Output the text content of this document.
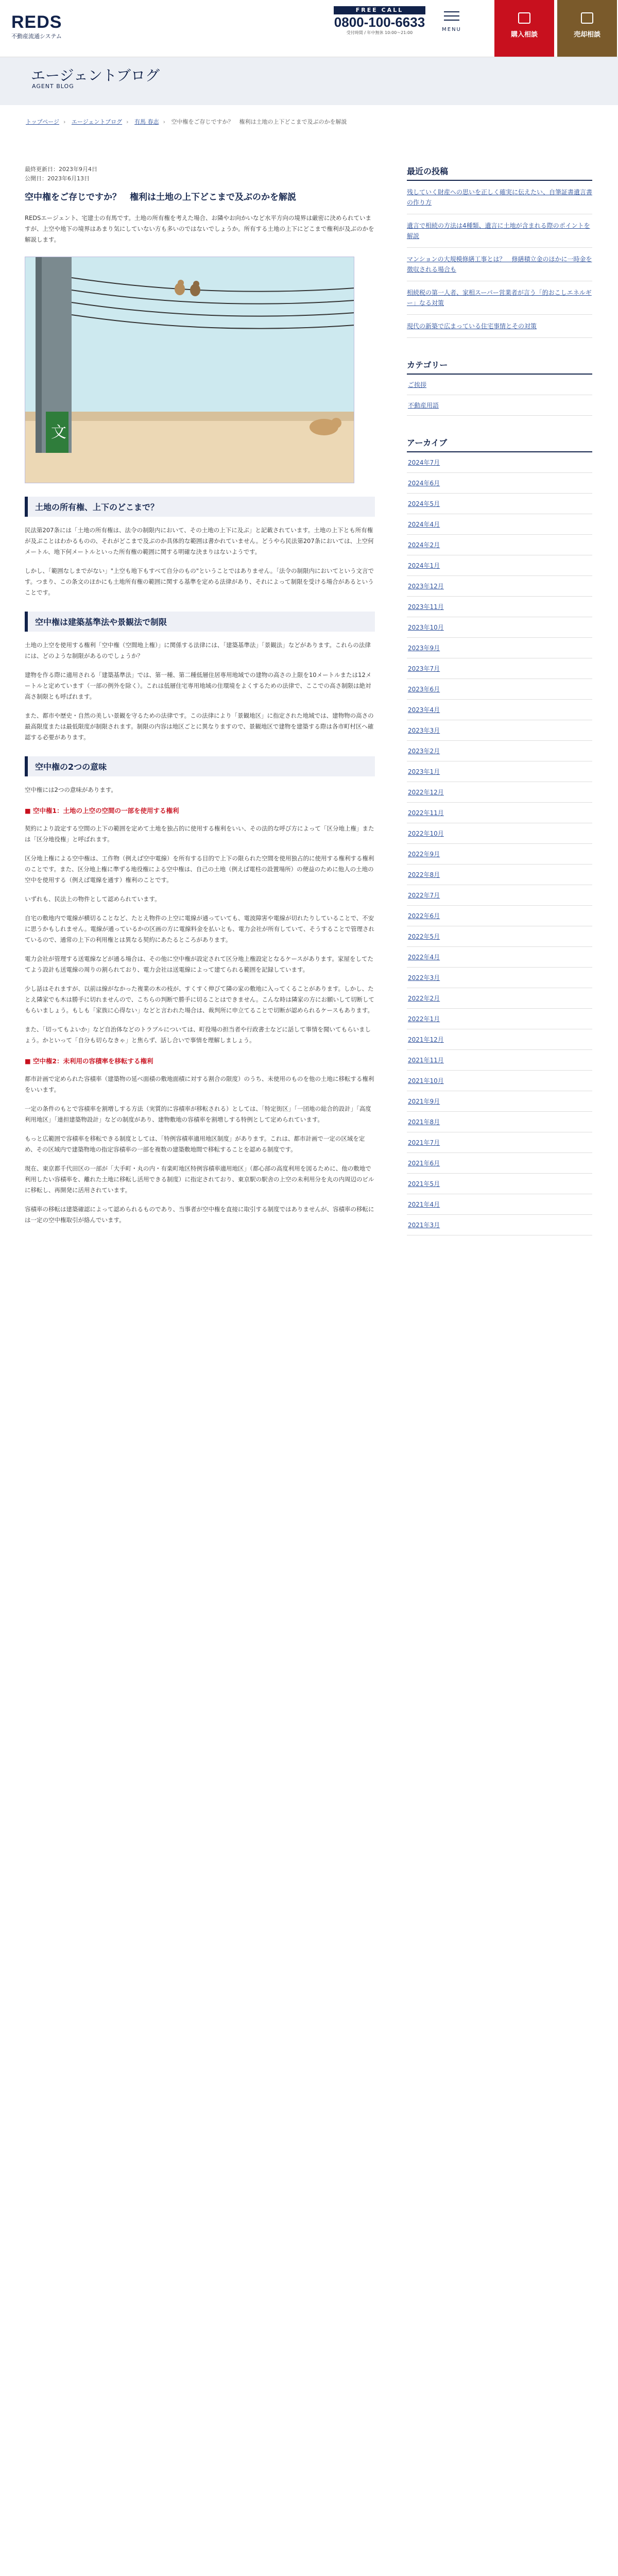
REDS
不動産流通システム
FREE CALL
0800-100-6633
受付時間 / 年中無休 10:00〜21:00
MENU
購入相談	売却相談
エージェントブログ
AGENT BLOG
トップページ › エージェントブログ › 有馬 春志 › 空中権をご存じですか？　権利は土地の上下どこまで及ぶのかを解説
最終更新日：2023年9月4日
公開日：2023年6月13日
空中権をご存じですか？　権利は土地の上下どこまで及ぶのかを解説
REDSエージェント、宅建士の有馬です。土地の所有権を考えた場合、お隣やお向かいなど水平方向の境界は厳密に決められていますが、上空や地下の境界はあまり気にしていない方も多いのではないでしょうか。所有する土地の上下にどこまで権利が及ぶのかを解説します。
文
土地の所有権、上下のどこまで？
民法第207条には「土地の所有権は、法令の制限内において、その土地の上下に及ぶ」と記載されています。土地の上下とも所有権が及ぶことはわかるものの、それがどこまで及ぶのか具体的な範囲は書かれていません。どうやら民法第207条においては、上空何メートル、地下何メートルといった所有権の範囲に関する明確な決まりはないようです。
しかし、「範囲なしまでがない」"上空も地下もすべて自分のもの"ということではありません。「法令の制限内においてという文言です。つまり、この条文のほかにも土地所有権の範囲に関する基準を定める法律があり、それによって制限を受ける場合があるということです。
空中権は建築基準法や景観法で制限
土地の上空を使用する権利「空中権（空間地上権）」に関係する法律には、「建築基準法」「景観法」などがあります。これらの法律には、どのような制限があるのでしょうか？
建物を作る際に適用される「建築基準法」では、第一種、第二種低層住居専用地域での建物の高さの上限を10メートルまたは12メートルと定めています（一部の例外を除く）。これは低層住宅専用地域の住環境をよくするための法律で、ここでの高さ制限は絶対高さ制限とも呼ばれます。
また、都市や歴史・自然の美しい景観を守るための法律です。この法律により「景観地区」に指定された地域では、建物物の高さの最高限度または最低限度が制限されます。制限の内容は地区ごとに異なりますので、景観地区で建物を建築する際は各市町村区へ確認する必要があります。
空中権の2つの意味
空中権には2つの意味があります。
■ 空中権1：土地の上空の空間の一部を使用する権利
契約により設定する空間の上下の範囲を定めて土地を独占的に使用する権利をいい、その法的な呼び方によって「区分地上権」または「区分地役権」と呼ばれます。
区分地上権による空中権は、工作物（例えば空中電線）を所有する目的で上下の限られた空間を使用独占的に使用する権利する権利のことです。また、区分地上権に準ずる地役権による空中権は、自己の土地（例えば電柱の設置場所）の便益のために他人の土地の空中を使用する（例えば電線を通す）権利のことです。
いずれも、民法上の物件として認められています。
自宅の敷地内で電線が横切ることなど、たとえ物件の上空に電線が通っていても、電波障害や電線が切れたりしていることで、不安に思うかもしれません。電線が通っているかの区画の方に電線料金を払いとも、電力会社が所有していて、そうすることで管理されているので、通常の上下の利用権とは異なる契約にあたるところがあります。
電力会社が管理する送電線などが通る場合は、その他に空中権が設定されて区分地上権設定となるケースがあります。家屋をしてたてよう設計も送電線の周りの割られており、電力会社は送電線によって建てられる範囲を記録しています。
少し話はそれますが、以前は線がなかった複業の木の枝が、すくすく伸びて隣の家の敷地に入ってくることがあります。しかし、たとえ隣家でも木は勝手に切れませんので、こちらの判断で勝手に切ることはできません。こんな時は隣家の方にお願いして切断してもらいましょう。もしも「家族に心得ない」などと言われた場合は、裁判所に申立てることで切断が認められるケースもあります。
また、「切ってもよいか」など自治体などのトラブルについては、町役場の担当者や行政書士などに話して事情を聞いてもらいましょう。かといって「自分も切らなきゃ」と焦らず、話し合いで事情を理解しましょう。
■ 空中権2：未利用の容積率を移転する権利
都市計画で定められた容積率（建築物の延べ面積の敷地面積に対する割合の限度）のうち、未使用のものを他の土地に移転する権利をいいます。
一定の条件のもとで容積率を割増しする方法（実質的に容積率が移転される）としては、「特定街区」「一団地の総合的設計」「高度利用地区」「連担建築物設計」などの制度があり、建物敷地の容積率を割増しする特例として定められています。
もっと広範囲で容積率を移転できる制度としては、「特例容積率適用地区制度」があります。これは、都市計画で一定の区域を定め、その区域内で建築物地の指定容積率の一部を複数の建築敷地間で移転することを認める制度です。
現在、東京都千代田区の一部が「大手町・丸の内・有楽町地区特例容積率適用地区」（都心部の高度利用を図るために、他の敷地で利用したい容積率を、離れた土地に移転し活用できる制度）に指定されており、東京駅の駅舎の上空の未利用分を丸の内周辺のビルに移転し、再開発に活用されています。
容積率の移転は建築確認によって認められるものであり、当事者が空中権を直接に取引する制度ではありませんが、容積率の移転には一定の空中権取引が絡んでいます。
最近の投稿
残していく財産への思いを正しく確実に伝えたい、自筆証書遺言書の作り方
遺言で相続の方法は4種類、遺言に土地が含まれる際のポイントを解説
マンションの大規模修繕工事とは？　修繕積立金のほかに一時金を徴収される場合も
相続税の第一人者、家相スーパー営業者が言う「的おこしエネルギー」なる対策
現代の新築で広まっている住宅事情とその対策
カテゴリー
ご挨拶
不動産用語
アーカイブ
2024年7月
2024年6月
2024年5月
2024年4月
2024年2月
2024年1月
2023年12月
2023年11月
2023年10月
2023年9月
2023年7月
2023年6月
2023年4月
2023年3月
2023年2月
2023年1月
2022年12月
2022年11月
2022年10月
2022年9月
2022年8月
2022年7月
2022年6月
2022年5月
2022年4月
2022年3月
2022年2月
2022年1月
2021年12月
2021年11月
2021年10月
2021年9月
2021年8月
2021年7月
2021年6月
2021年5月
2021年4月
2021年3月
